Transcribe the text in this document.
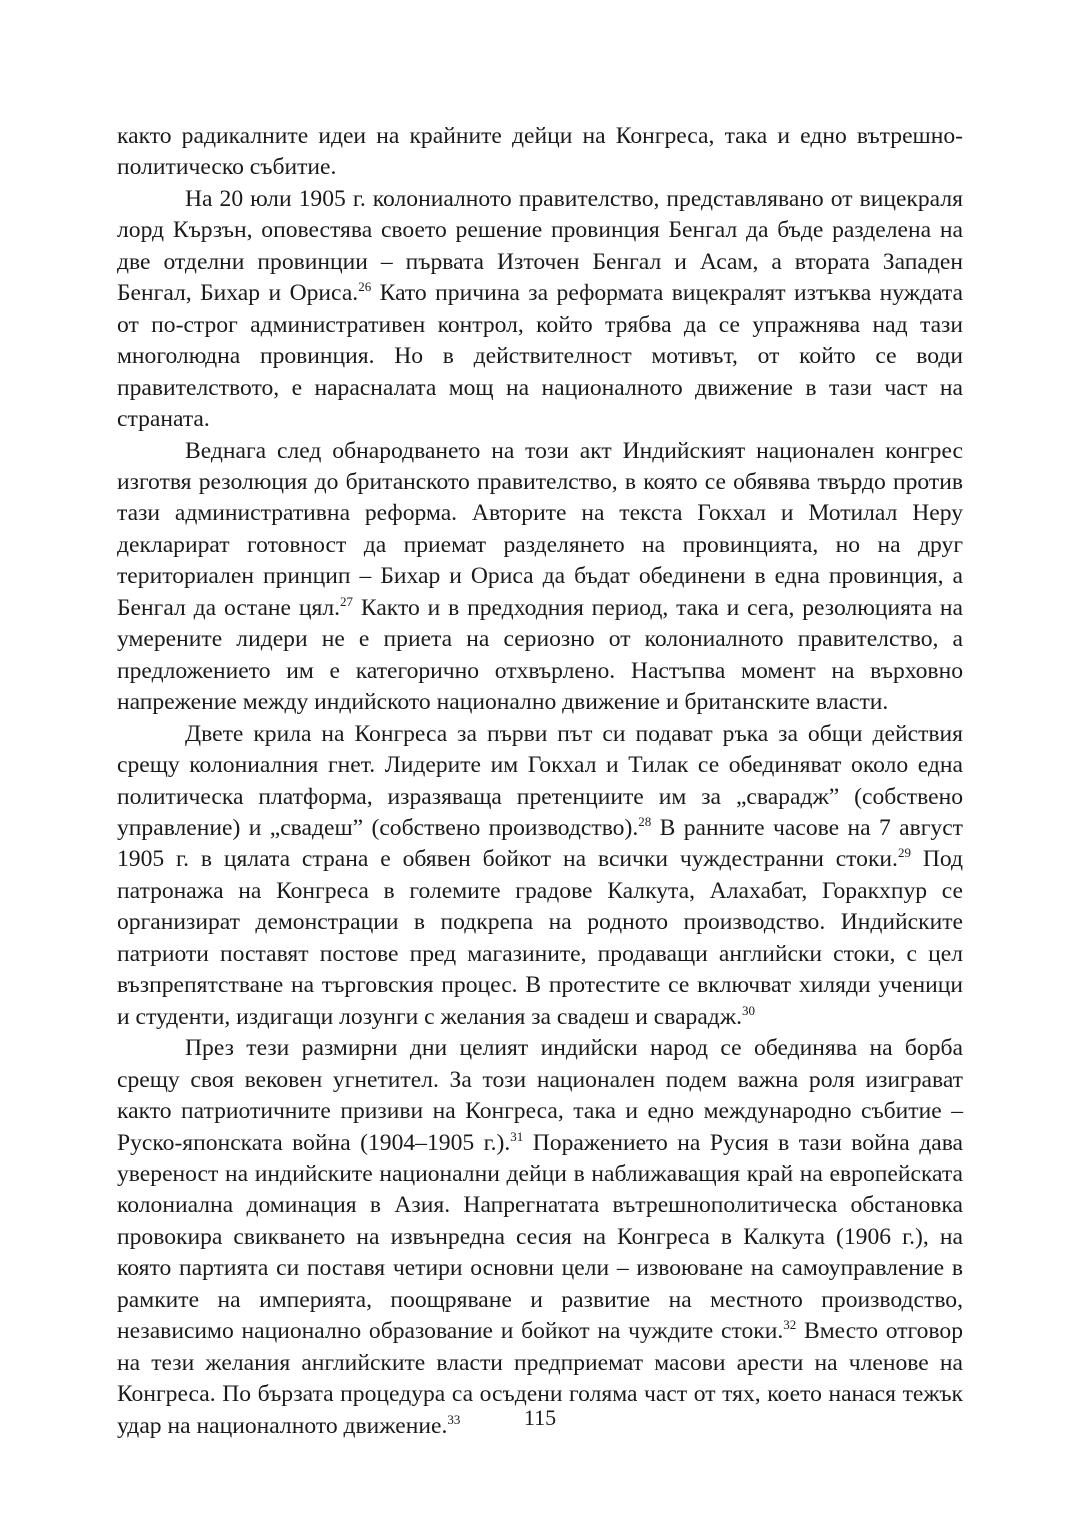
както радикалните идеи на крайните дейци на Конгреса, така и едно вътрешно-политическо събитие.

На 20 юли 1905 г. колониалното правителство, представлявано от вицекраля лорд Кързън, оповестява своето решение провинция Бенгал да бъде разделена на две отделни провинции – първата Източен Бенгал и Асам, а втората Западен Бенгал, Бихар и Ориса.$^{26}$ Като причина за реформата вицекралят изтъква нуждата от по-строг административен контрол, който трябва да се упражнява над тази многолюдна провинция. Но в действителност мотивът, от който се води правителството, е нарасналата мощ на националното движение в тази част на страната.

Веднага след обнародването на този акт Индийският национален конгрес изготвя резолюция до британското правителство, в която се обявява твърдо против тази административна реформа. Авторите на текста Гокхал и Мотилал Неру декларират готовност да приемат разделянето на провинцията, но на друг териториален принцип – Бихар и Ориса да бъдат обединени в една провинция, а Бенгал да остане цял.$^{27}$ Както и в предходния период, така и сега, резолюцията на умерените лидери не е приета на сериозно от колониалното правителство, а предложението им е категорично отхвърлено. Настъпва момент на върховно напрежение между индийското национално движение и британските власти.

Двете крила на Конгреса за първи път си подават ръка за общи действия срещу колониалния гнет. Лидерите им Гокхал и Тилак се обединяват около една политическа платформа, изразяваща претенциите им за „сварадж” (собствено управление) и „свадеш” (собствено производство).$^{28}$ В ранните часове на 7 август 1905 г. в цялата страна е обявен бойкот на всички чуждестранни стоки.$^{29}$ Под патронажа на Конгреса в големите градове Калкута, Алахабат, Горакхпур се организират демонстрации в подкрепа на родното производство. Индийските патриоти поставят постове пред магазините, продаващи английски стоки, с цел възпрепятстване на търговския процес. В протестите се включват хиляди ученици и студенти, издигащи лозунги с желания за свадеш и сварадж.$^{30}$

През тези размирни дни целият индийски народ се обединява на борба срещу своя вековен угнетител. За този национален подем важна роля изиграват както патриотичните призиви на Конгреса, така и едно международно събитие – Руско-японската война (1904–1905 г.).$^{31}$ Поражението на Русия в тази война дава увереност на индийските национални дейци в наближаващия край на европейската колониална доминация в Азия. Напрегнатата вътрешнополитическа обстановка провокира свикването на извънредна сесия на Конгреса в Калкута (1906 г.), на която партията си поставя четири основни цели – извоюване на самоуправление в рамките на империята, поощряване и развитие на местното производство, независимо национално образование и бойкот на чуждите стоки.$^{32}$ Вместо отговор на тези желания английските власти предприемат масови арести на членове на Конгреса. По бързата процедура са осъдени голяма част от тях, което нанася тежък удар на националното движение.$^{33}$	115
